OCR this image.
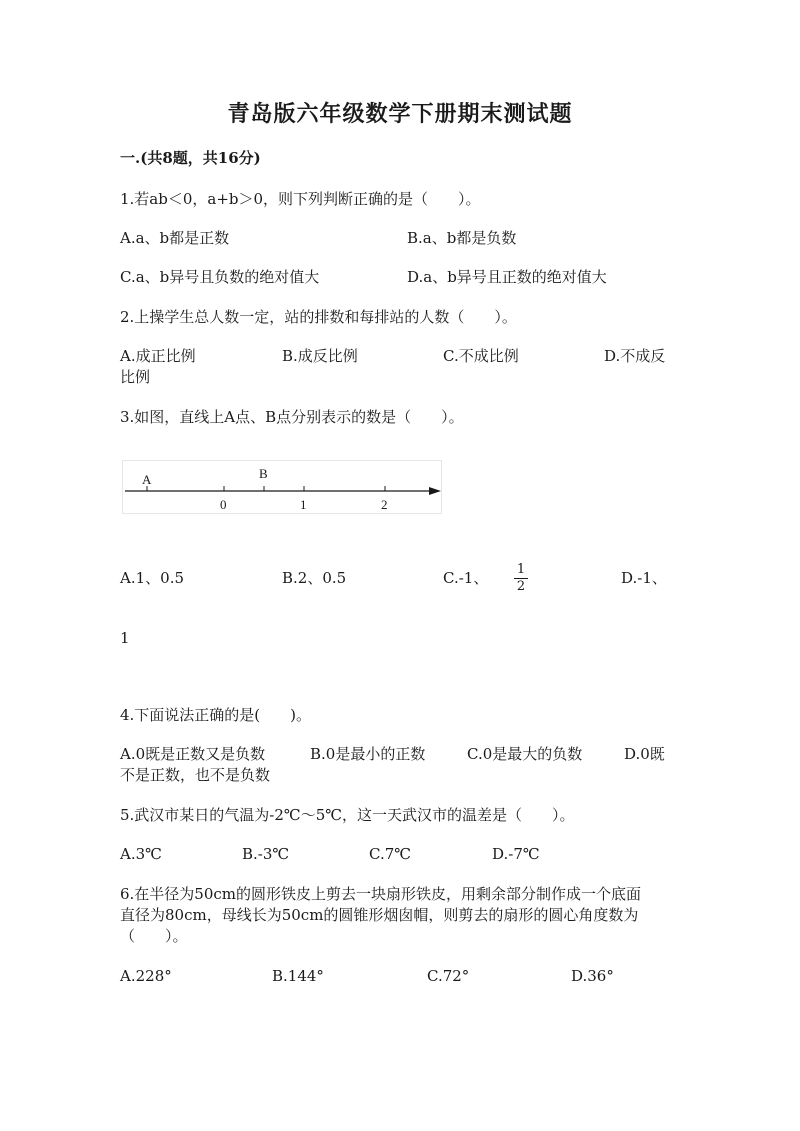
青岛版六年级数学下册期末测试题
一.(共8题，共16分)
1.若ab＜0，a+b＞0，则下列判断正确的是（　　）。
A.a、b都是正数	B.a、b都是负数
C.a、b异号且负数的绝对值大	D.a、b异号且正数的绝对值大
2.上操学生总人数一定，站的排数和每排站的人数（　　）。
A.成正比例	B.成反比例	C.不成比例	D.不成反
比例
3.如图，直线上A点、B点分别表示的数是（　　）。
A	B
0	1	2
A.1、0.5	B.2、0.5	C.-1、 1
2	D.-1、
1
4.下面说法正确的是(　　)。
A.0既是正数又是负数	B.0是最小的正数	C.0是最大的负数	D.0既
不是正数，也不是负数
5.武汉市某日的气温为-2℃～5℃，这一天武汉市的温差是（　　）。
A.3℃	B.-3℃	C.7℃	D.-7℃
6.在半径为50cm的圆形铁皮上剪去一块扇形铁皮，用剩余部分制作成一个底面
直径为80cm，母线长为50cm的圆锥形烟囱帽，则剪去的扇形的圆心角度数为
（　　）。
A.228°	B.144°	C.72°	D.36°
